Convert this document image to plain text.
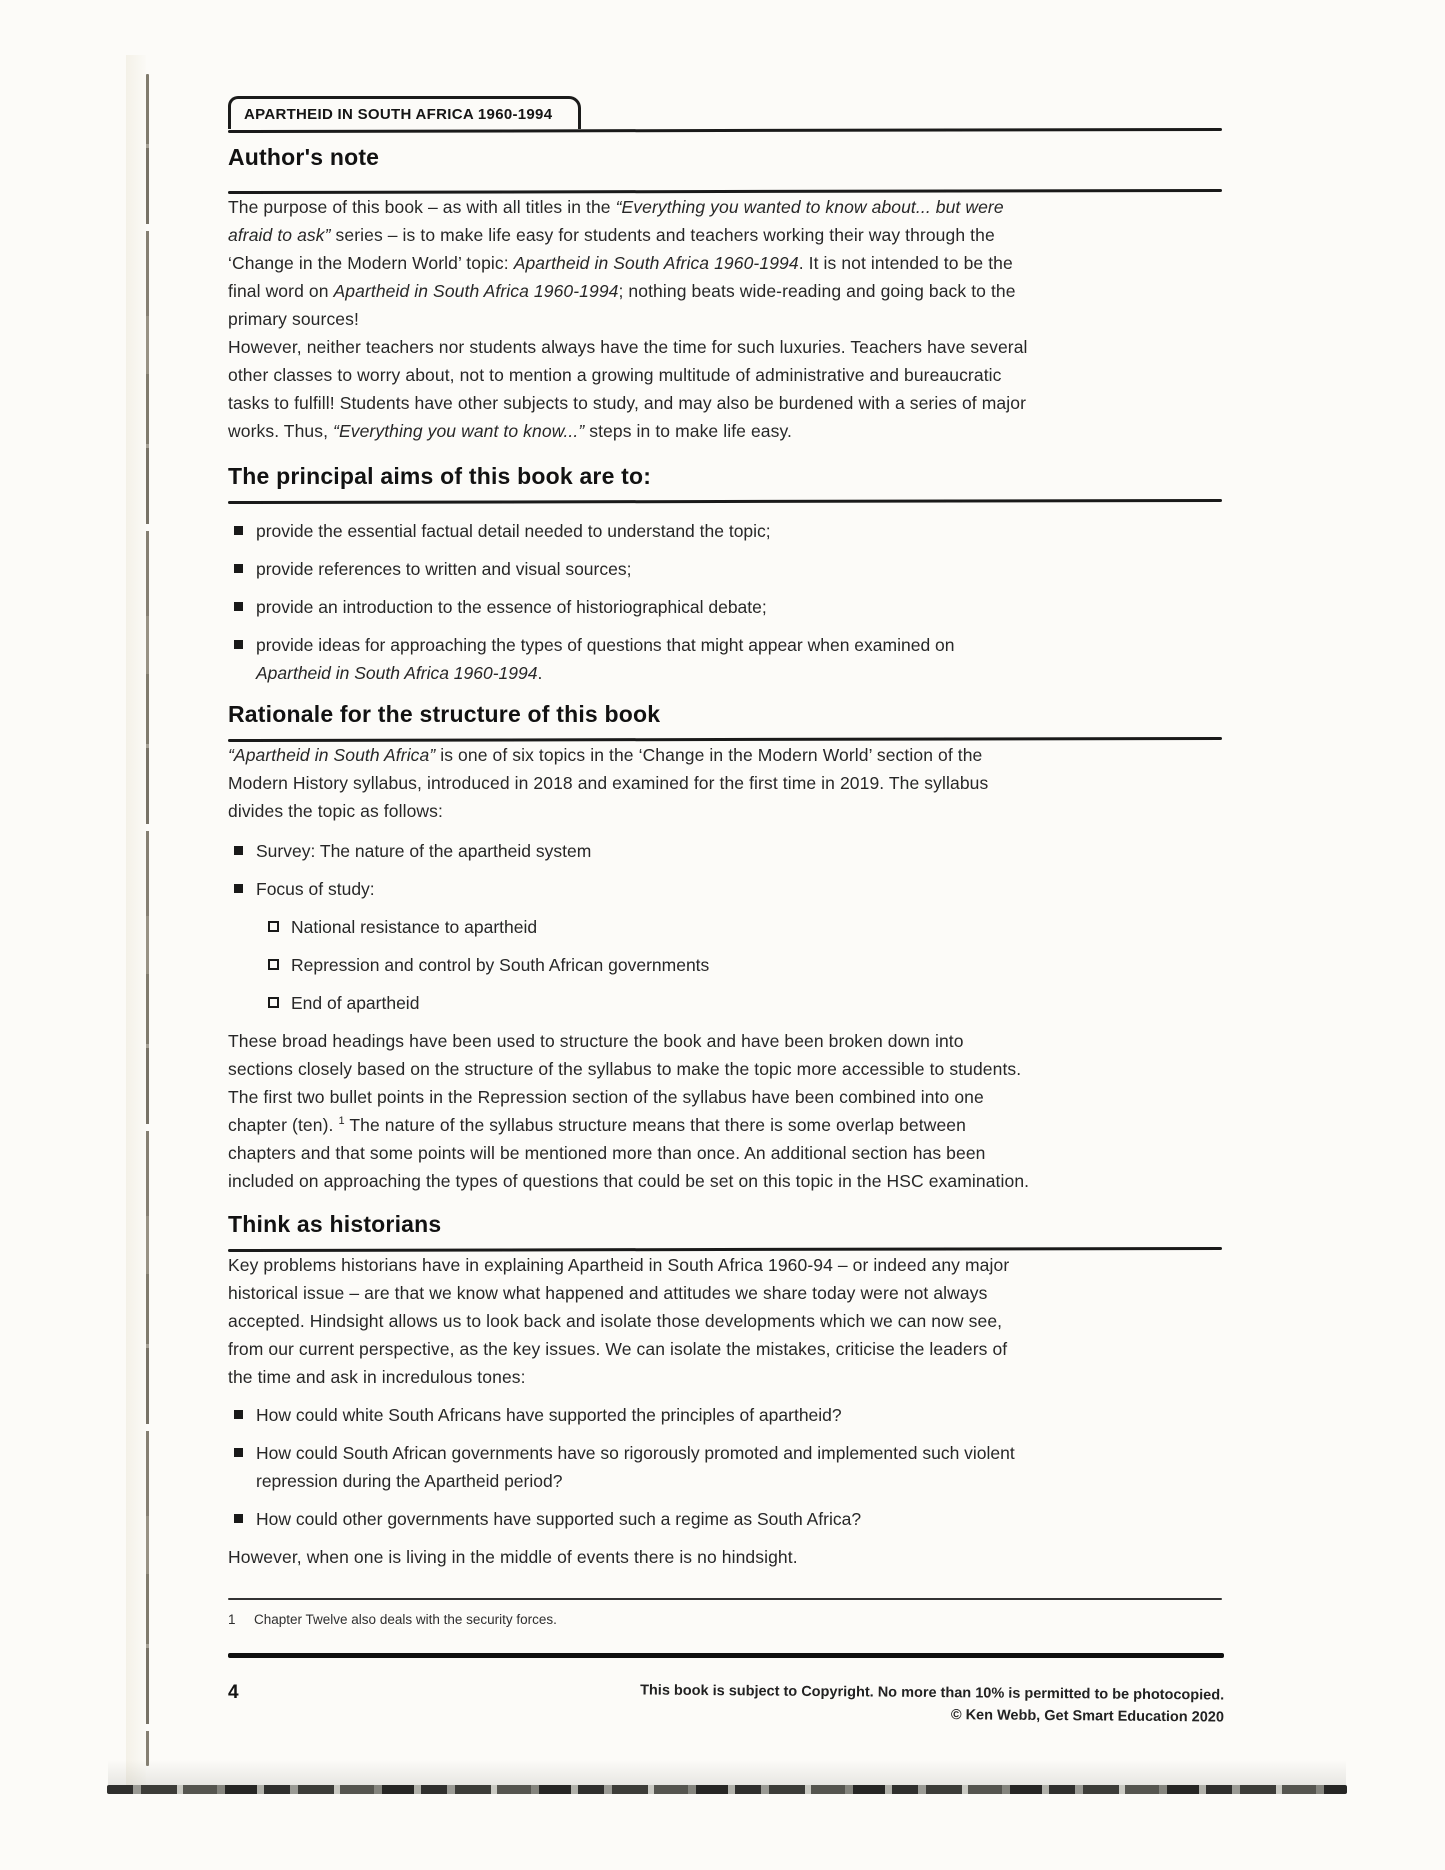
APARTHEID IN SOUTH AFRICA 1960-1994
Author's note

The purpose of this book – as with all titles in the “Everything you wanted to know about... but were afraid to ask” series – is to make life easy for students and teachers working their way through the ‘Change in the Modern World’ topic: Apartheid in South Africa 1960-1994. It is not intended to be the final word on Apartheid in South Africa 1960-1994; nothing beats wide-reading and going back to the primary sources!

However, neither teachers nor students always have the time for such luxuries. Teachers have several other classes to worry about, not to mention a growing multitude of administrative and bureaucratic tasks to fulfill! Students have other subjects to study, and may also be burdened with a series of major works. Thus, “Everything you want to know...” steps in to make life easy.

The principal aims of this book are to:
provide the essential factual detail needed to understand the topic;
provide references to written and visual sources;
provide an introduction to the essence of historiographical debate;
provide ideas for approaching the types of questions that might appear when examined on Apartheid in South Africa 1960-1994.
Rationale for the structure of this book

“Apartheid in South Africa” is one of six topics in the ‘Change in the Modern World’ section of the Modern History syllabus, introduced in 2018 and examined for the first time in 2019. The syllabus divides the topic as follows:

Survey: The nature of the apartheid system
Focus of study:
National resistance to apartheid
Repression and control by South African governments
End of apartheid

These broad headings have been used to structure the book and have been broken down into sections closely based on the structure of the syllabus to make the topic more accessible to students. The first two bullet points in the Repression section of the syllabus have been combined into one chapter (ten). $^1$ The nature of the syllabus structure means that there is some overlap between chapters and that some points will be mentioned more than once. An additional section has been included on approaching the types of questions that could be set on this topic in the HSC examination.

Think as historians

Key problems historians have in explaining Apartheid in South Africa 1960-94 – or indeed any major historical issue – are that we know what happened and attitudes we share today were not always accepted. Hindsight allows us to look back and isolate those developments which we can now see, from our current perspective, as the key issues. We can isolate the mistakes, criticise the leaders of the time and ask in incredulous tones:

How could white South Africans have supported the principles of apartheid?
How could South African governments have so rigorously promoted and implemented such violent repression during the Apartheid period?
How could other governments have supported such a regime as South Africa?

However, when one is living in the middle of events there is no hindsight.

1	Chapter Twelve also deals with the security forces.
4	This book is subject to Copyright. No more than 10% is permitted to be photocopied.
© Ken Webb, Get Smart Education 2020
